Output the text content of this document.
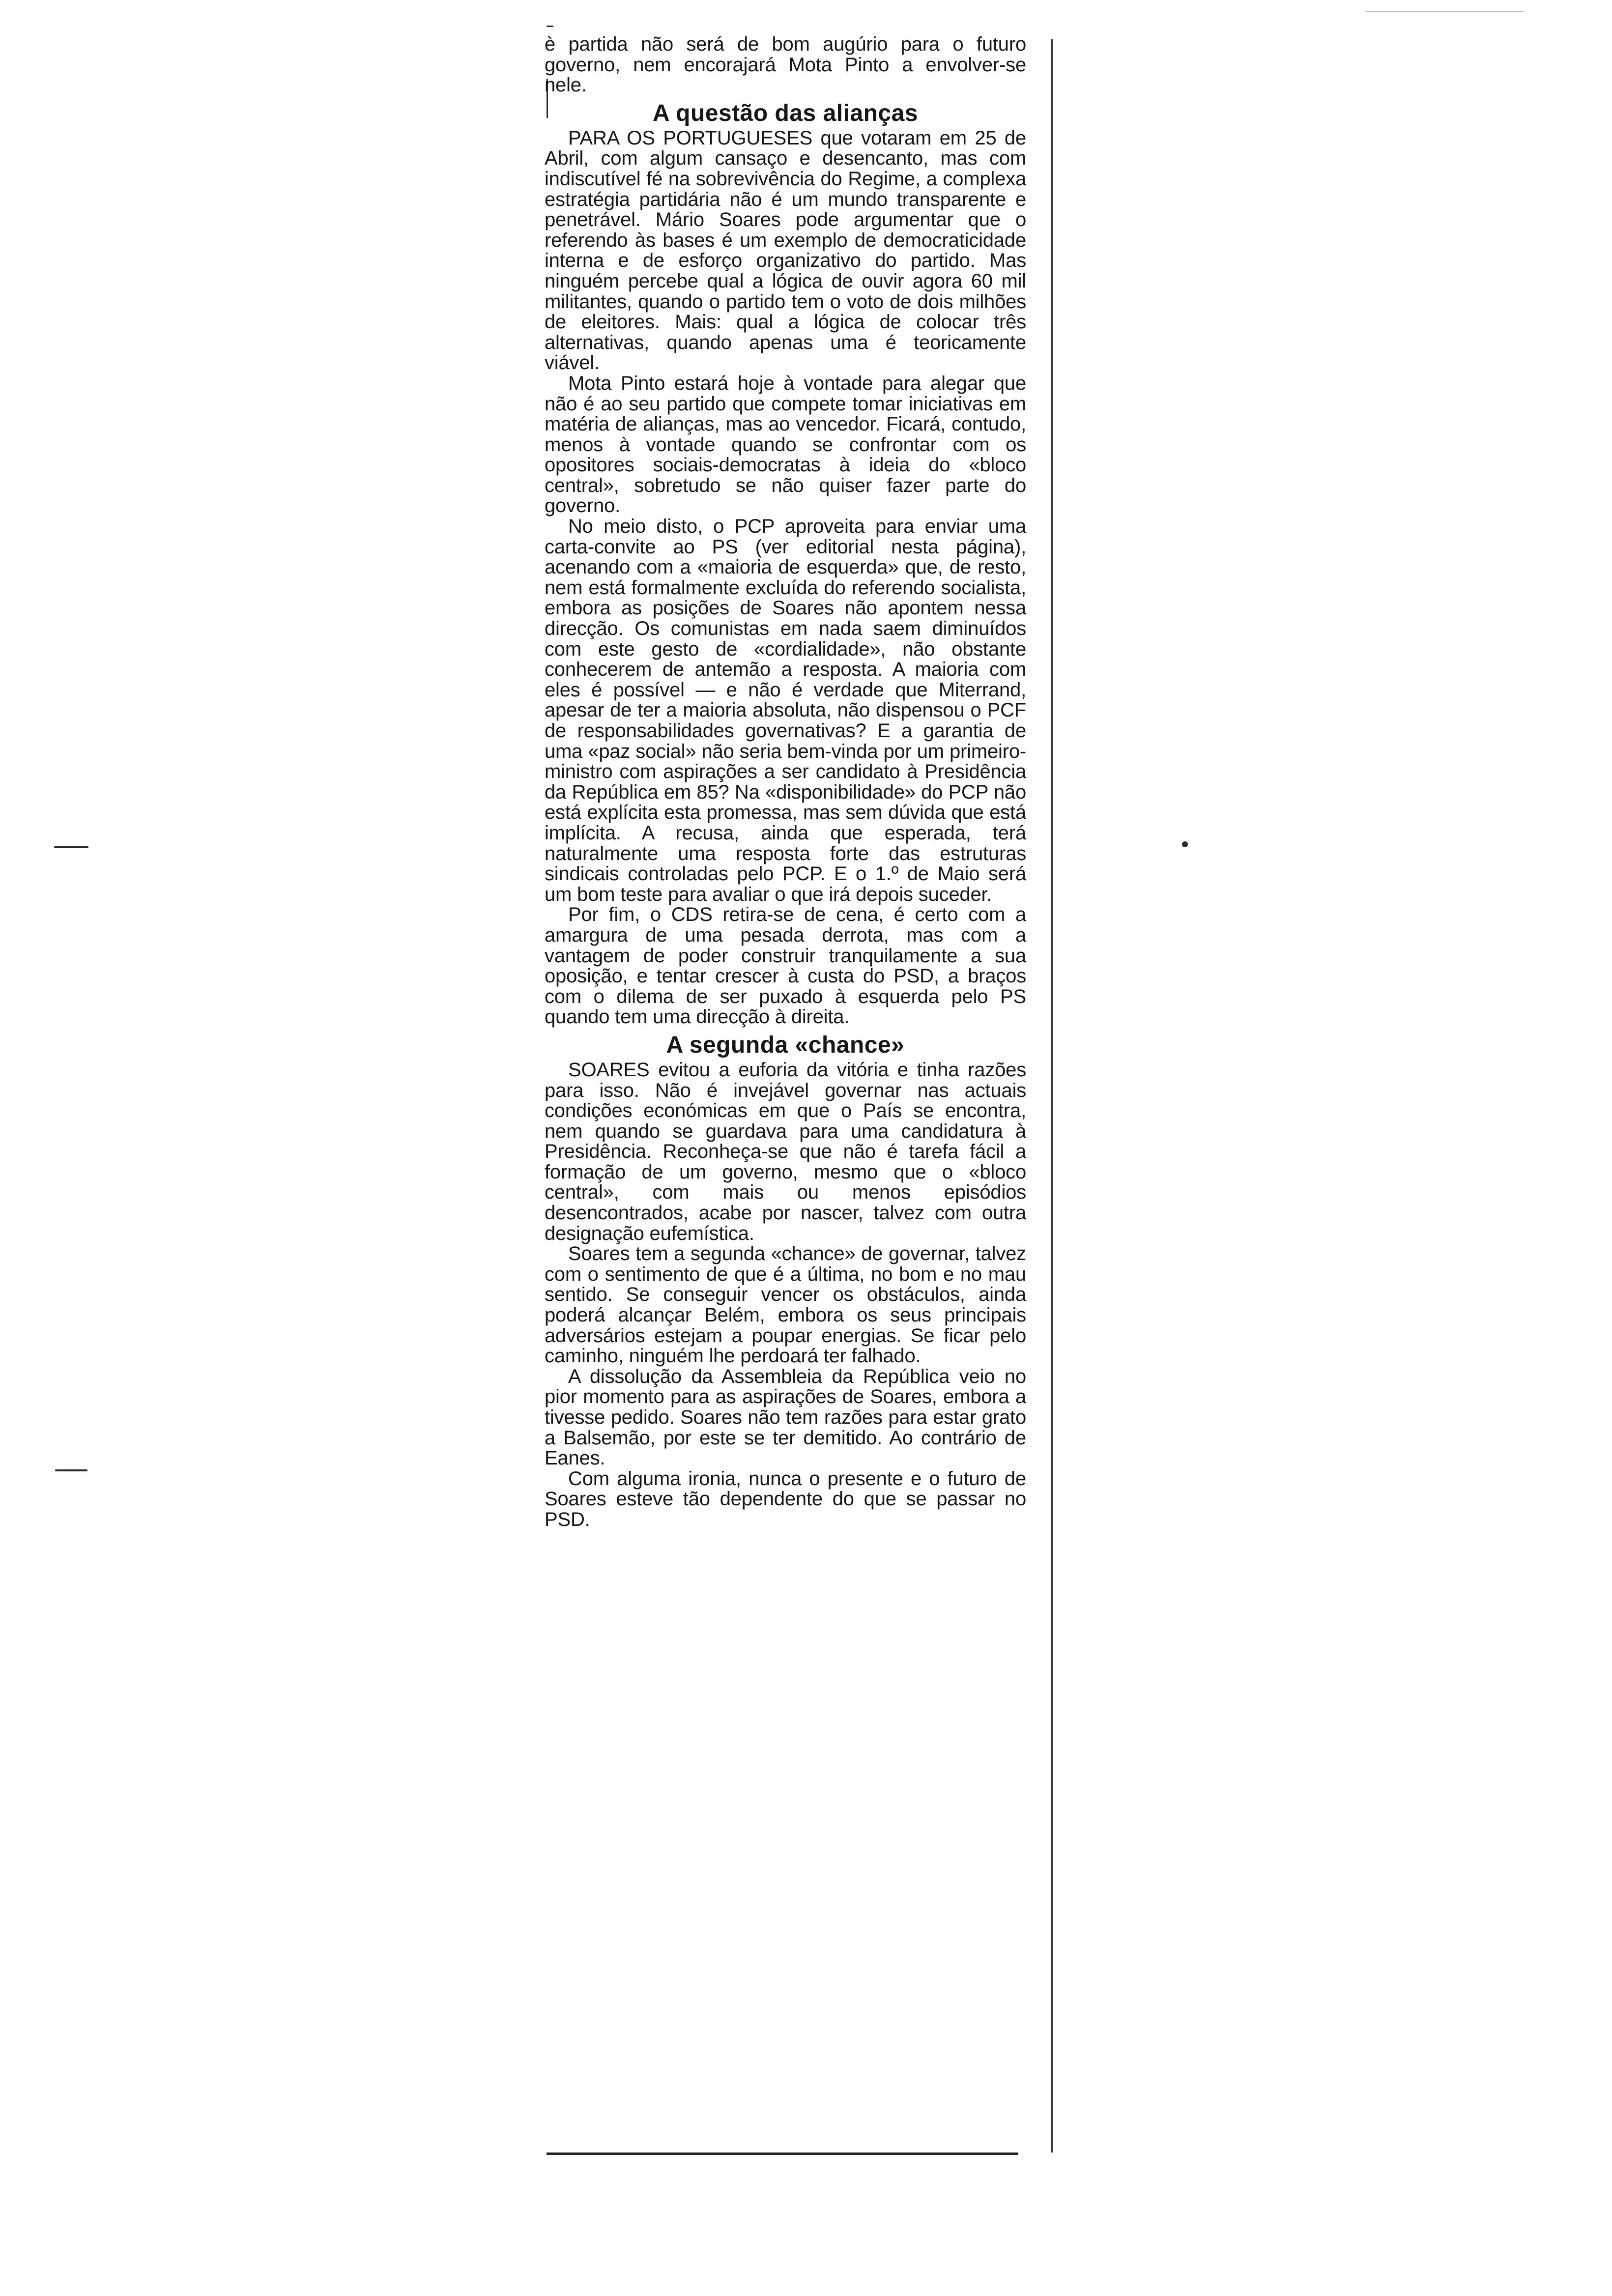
è partida não será de bom augúrio para o futuro governo, nem encorajará Mota Pinto a envolver-se nele.

A questão das alianças

PARA OS PORTUGUESES que votaram em 25 de Abril, com algum cansaço e desencanto, mas com indiscutível fé na sobrevivência do Regime, a complexa estratégia partidária não é um mundo transparente e penetrável. Mário Soares pode argumentar que o referendo às bases é um exemplo de democraticidade interna e de esforço organizativo do partido. Mas ninguém percebe qual a lógica de ouvir agora 60 mil militantes, quando o partido tem o voto de dois milhões de eleitores. Mais: qual a lógica de colocar três alternativas, quando apenas uma é teoricamente viável.

Mota Pinto estará hoje à vontade para alegar que não é ao seu partido que compete tomar iniciativas em matéria de alianças, mas ao vencedor. Ficará, contudo, menos à vontade quando se confrontar com os opositores sociais-democratas à ideia do «bloco central», sobretudo se não quiser fazer parte do governo.

No meio disto, o PCP aproveita para enviar uma carta-convite ao PS (ver editorial nesta página), acenando com a «maioria de esquerda» que, de resto, nem está formalmente excluída do referendo socialista, embora as posições de Soares não apontem nessa direcção. Os comunistas em nada saem diminuídos com este gesto de «cordialidade», não obstante conhecerem de antemão a resposta. A maioria com eles é possível — e não é verdade que Miterrand, apesar de ter a maioria absoluta, não dispensou o PCF de responsabilidades governativas? E a garantia de uma «paz social» não seria bem-vinda por um primeiro-ministro com aspirações a ser candidato à Presidência da República em 85? Na «disponibilidade» do PCP não está explícita esta promessa, mas sem dúvida que está implícita. A recusa, ainda que esperada, terá naturalmente uma resposta forte das estruturas sindicais controladas pelo PCP. E o 1.º de Maio será um bom teste para avaliar o que irá depois suceder.

Por fim, o CDS retira-se de cena, é certo com a amargura de uma pesada derrota, mas com a vantagem de poder construir tranquilamente a sua oposição, e tentar crescer à custa do PSD, a braços com o dilema de ser puxado à esquerda pelo PS quando tem uma direcção à direita.

A segunda «chance»

SOARES evitou a euforia da vitória e tinha razões para isso. Não é invejável governar nas actuais condições económicas em que o País se encontra, nem quando se guardava para uma candidatura à Presidência. Reconheça-se que não é tarefa fácil a formação de um governo, mesmo que o «bloco central», com mais ou menos episódios desencontrados, acabe por nascer, talvez com outra designação eufemística.

Soares tem a segunda «chance» de governar, talvez com o sentimento de que é a última, no bom e no mau sentido. Se conseguir vencer os obstáculos, ainda poderá alcançar Belém, embora os seus principais adversários estejam a poupar energias. Se ficar pelo caminho, ninguém lhe perdoará ter falhado.

A dissolução da Assembleia da República veio no pior momento para as aspirações de Soares, embora a tivesse pedido. Soares não tem razões para estar grato a Balsemão, por este se ter demitido. Ao contrário de Eanes.

Com alguma ironia, nunca o presente e o futuro de Soares esteve tão dependente do que se passar no PSD.
